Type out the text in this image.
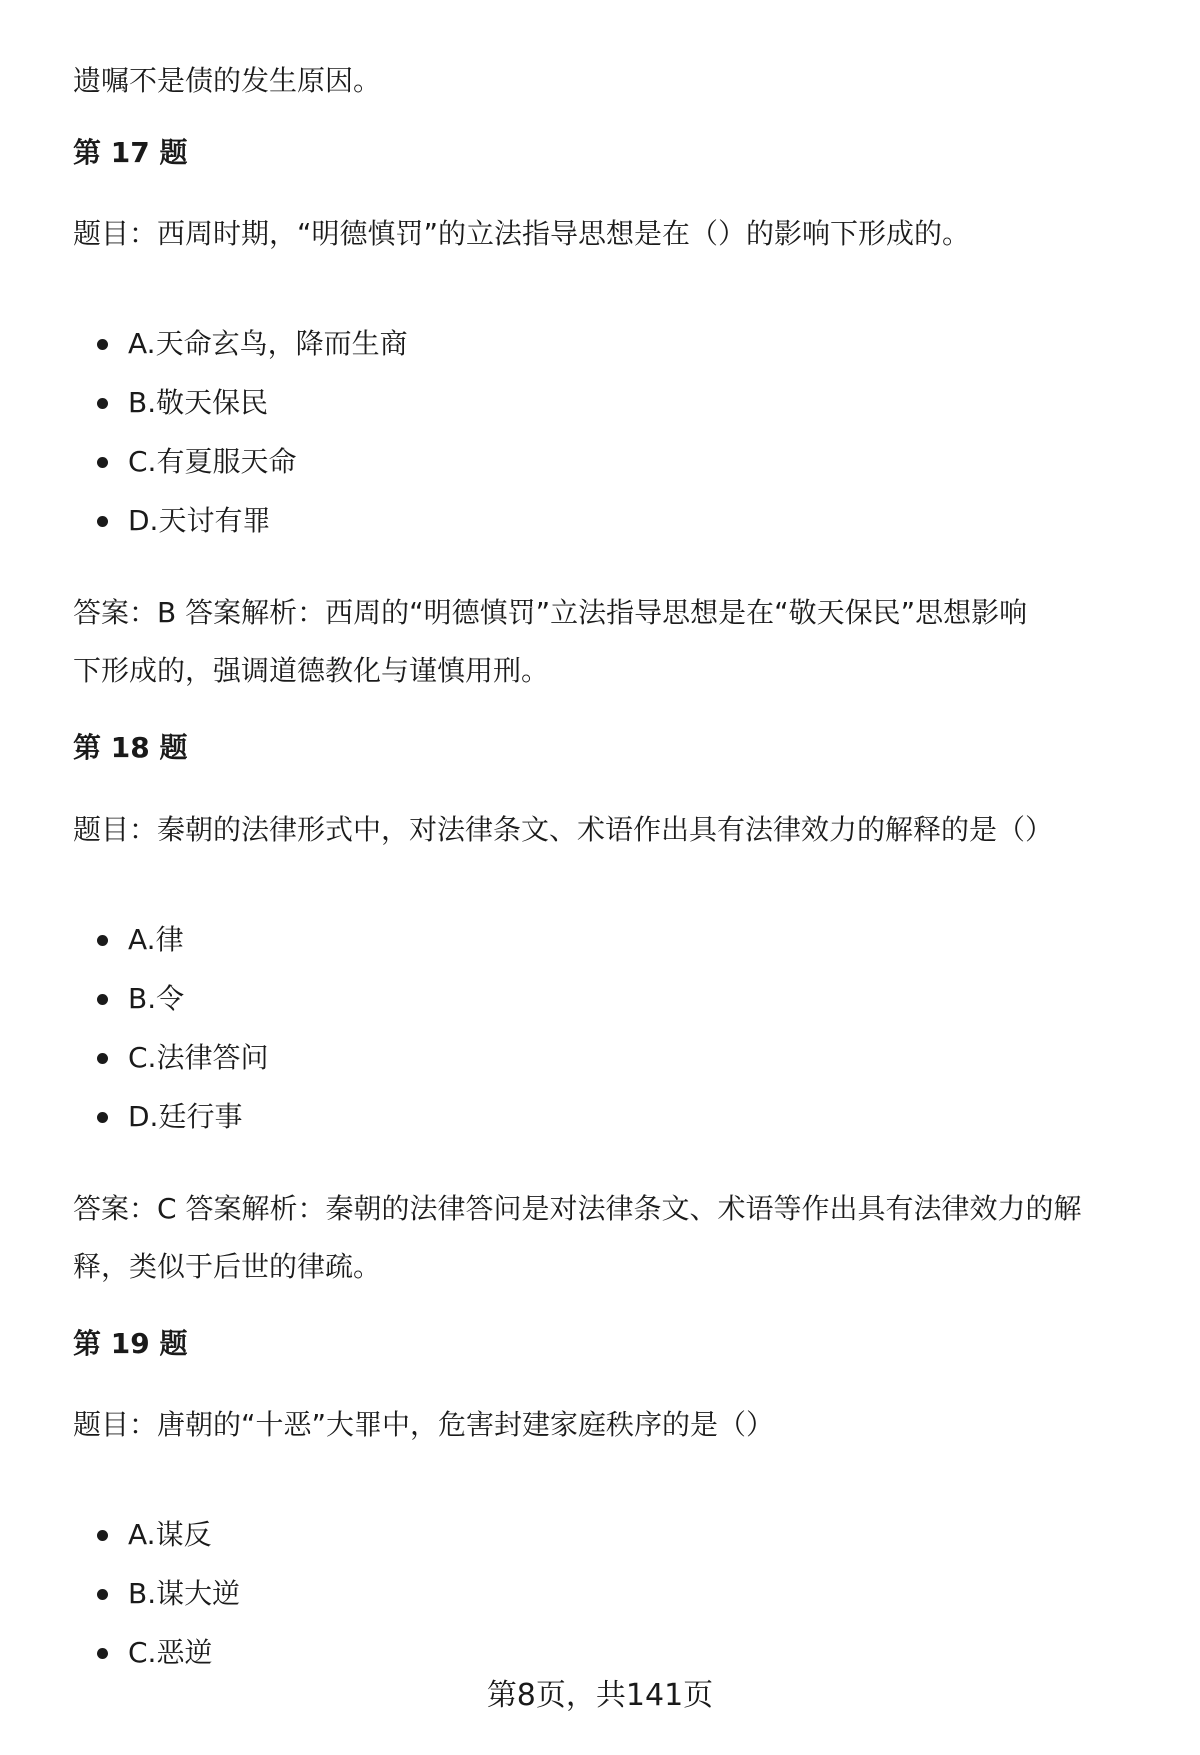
遗嘱不是债的发生原因。
第 17 题
题目：西周时期，“明德慎罚”的立法指导思想是在（）的影响下形成的。
A.天命玄鸟，降而生商
B.敬天保民
C.有夏服天命
D.天讨有罪
答案：B 答案解析：西周的“明德慎罚”立法指导思想是在“敬天保民”思想影响
下形成的，强调道德教化与谨慎用刑。
第 18 题
题目：秦朝的法律形式中，对法律条文、术语作出具有法律效力的解释的是（）
A.律
B.令
C.法律答问
D.廷行事
答案：C 答案解析：秦朝的法律答问是对法律条文、术语等作出具有法律效力的解
释，类似于后世的律疏。
第 19 题
题目：唐朝的“十恶”大罪中，危害封建家庭秩序的是（）
A.谋反
B.谋大逆
C.恶逆
第8页，共141页
